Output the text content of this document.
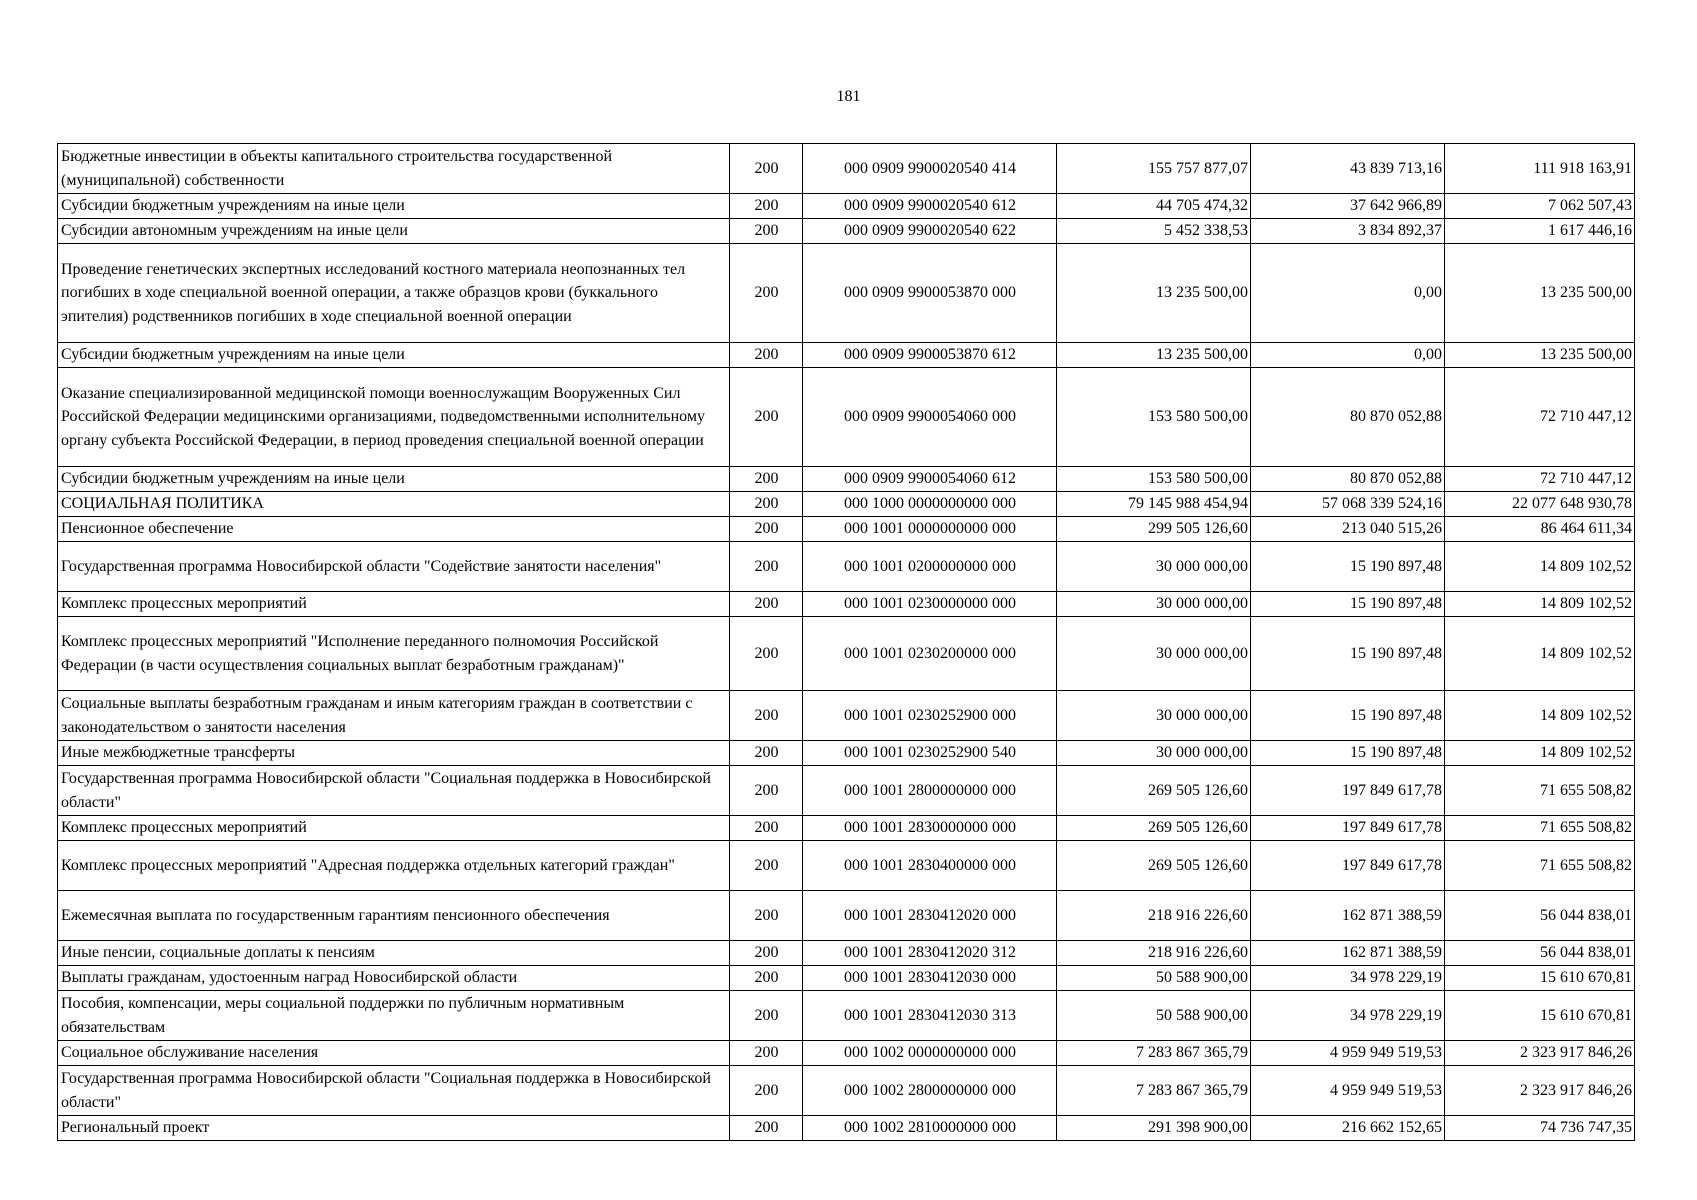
181
Бюджетные инвестиции в объекты капитального строительства государственной (муниципальной) собственности	200	000 0909 9900020540 414	155 757 877,07	43 839 713,16	111 918 163,91
Субсидии бюджетным учреждениям на иные цели	200	000 0909 9900020540 612	44 705 474,32	37 642 966,89	7 062 507,43
Субсидии автономным учреждениям на иные цели	200	000 0909 9900020540 622	5 452 338,53	3 834 892,37	1 617 446,16
Проведение генетических экспертных исследований костного материала неопознанных тел погибших в ходе специальной военной операции, а также образцов крови (буккального эпителия) родственников погибших в ходе специальной военной операции	200	000 0909 9900053870 000	13 235 500,00	0,00	13 235 500,00
Субсидии бюджетным учреждениям на иные цели	200	000 0909 9900053870 612	13 235 500,00	0,00	13 235 500,00
Оказание специализированной медицинской помощи военнослужащим Вооруженных Сил Российской Федерации медицинскими организациями, подведомственными исполнительному органу субъекта Российской Федерации, в период проведения специальной военной операции	200	000 0909 9900054060 000	153 580 500,00	80 870 052,88	72 710 447,12
Субсидии бюджетным учреждениям на иные цели	200	000 0909 9900054060 612	153 580 500,00	80 870 052,88	72 710 447,12
СОЦИАЛЬНАЯ ПОЛИТИКА	200	000 1000 0000000000 000	79 145 988 454,94	57 068 339 524,16	22 077 648 930,78
Пенсионное обеспечение	200	000 1001 0000000000 000	299 505 126,60	213 040 515,26	86 464 611,34
Государственная программа Новосибирской области "Содействие занятости населения"	200	000 1001 0200000000 000	30 000 000,00	15 190 897,48	14 809 102,52
Комплекс процессных мероприятий	200	000 1001 0230000000 000	30 000 000,00	15 190 897,48	14 809 102,52
Комплекс процессных мероприятий "Исполнение переданного полномочия Российской Федерации (в части осуществления социальных выплат безработным гражданам)"	200	000 1001 0230200000 000	30 000 000,00	15 190 897,48	14 809 102,52
Социальные выплаты безработным гражданам и иным категориям граждан в соответствии с законодательством о занятости населения	200	000 1001 0230252900 000	30 000 000,00	15 190 897,48	14 809 102,52
Иные межбюджетные трансферты	200	000 1001 0230252900 540	30 000 000,00	15 190 897,48	14 809 102,52
Государственная программа Новосибирской области "Социальная поддержка в Новосибирской области"	200	000 1001 2800000000 000	269 505 126,60	197 849 617,78	71 655 508,82
Комплекс процессных мероприятий	200	000 1001 2830000000 000	269 505 126,60	197 849 617,78	71 655 508,82
Комплекс процессных мероприятий "Адресная поддержка отдельных категорий граждан"	200	000 1001 2830400000 000	269 505 126,60	197 849 617,78	71 655 508,82
Ежемесячная выплата по государственным гарантиям пенсионного обеспечения	200	000 1001 2830412020 000	218 916 226,60	162 871 388,59	56 044 838,01
Иные пенсии, социальные доплаты к пенсиям	200	000 1001 2830412020 312	218 916 226,60	162 871 388,59	56 044 838,01
Выплаты гражданам, удостоенным наград Новосибирской области	200	000 1001 2830412030 000	50 588 900,00	34 978 229,19	15 610 670,81
Пособия, компенсации, меры социальной поддержки по публичным нормативным обязательствам	200	000 1001 2830412030 313	50 588 900,00	34 978 229,19	15 610 670,81
Социальное обслуживание населения	200	000 1002 0000000000 000	7 283 867 365,79	4 959 949 519,53	2 323 917 846,26
Государственная программа Новосибирской области "Социальная поддержка в Новосибирской области"	200	000 1002 2800000000 000	7 283 867 365,79	4 959 949 519,53	2 323 917 846,26
Региональный проект	200	000 1002 2810000000 000	291 398 900,00	216 662 152,65	74 736 747,35
